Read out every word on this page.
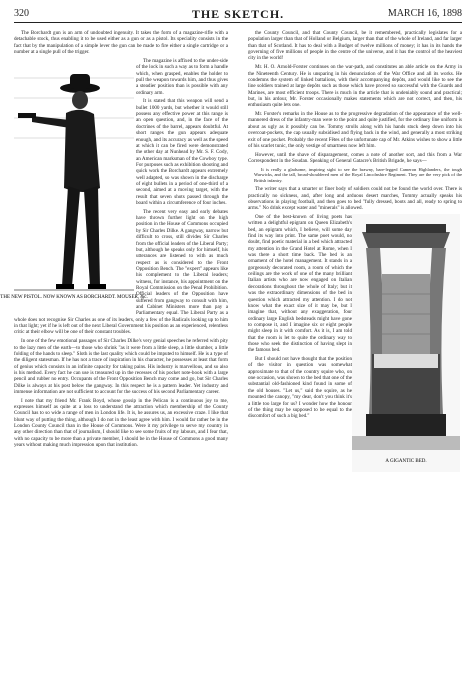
320	THE SKETCH.	MARCH 16, 1898

The Borchardt gun is an arm of undoubted ingenuity. It takes the form of a magazine-rifle with a detachable stock, thus enabling it to be used either as a gun or as a pistol. Its speciality consists in the fact that by the manipulation of a simple lever the gun can be made to fire either a single cartridge or a number at a single pull of the trigger.

THE NEW PISTOL. NOW KNOWN AS BORCHARDT. MOUSER, &c.

The magazine is affixed to the under-side of the lock in such a way as to form a handle which, when grasped, enables the holder to pull the weapon towards him, and thus gives a steadier position than is possible with any ordinary arm.

It is stated that this weapon will send a bullet 1000 yards, but whether it would still possess any effective power at this range is an open question, and, in the face of the doctrines of the barrel, appears doubtful. At short ranges the gun appears adequate enough, and its accuracy as well as the speed at which it can be fired were demonstrated the other day at Nunhead by Mr. S. F. Cody, an American marksman of the Cowboy type. For purposes such as exhibition shooting and quick work the Borchardt appears extremely well adapted, so was shown in the discharge of eight bullets in a period of one-third of a second, aimed at a moving target, with the result that seven shots passed through the board within a circumference of four inches.

The recent very easy and early debates have thrown further light on the high position in the House of Commons occupied by Sir Charles Dilke. A gangway, narrow but difficult to cross, still divides Sir Charles from the official leaders of the Liberal Party; but, although he speaks only for himself, his utterances are listened to with as much respect as is considered to the Front Opposition Bench. The "expert" appears like his complement to the Liberal leaders; witness, for instance, his appointment on the Royal Commission on the Penal Prohibition. Official leaders of the Opposition have suffered from gangway to consult with him, and Cabinet Ministers more than pay a Parliamentary equal. The Liberal Party as a whole does not recognise Sir Charles as one of its leaders, only a few of the Radicals looking up to him in that light; yet if he is left out of the next Liberal Government his position as an experienced, relentless critic at their elbow will be one of their constant troubles.

In one of the few emotional passages of Sir Charles Dilke's very genial speeches he referred with pity to the lazy men of the earth—to those who shrink "as it were from a little sleep, a little slumber, a little folding of the hands to sleep." Sloth is the last quality which could be imputed to himself. He is a type of the diligent statesman. If he has not a trace of inspiration in his character, he possesses at least that form of genius which consists in an infinite capacity for taking pains. His industry is marvellous, and so also is his method. Every fact he can use is treasured up in the recesses of his pocket note-book with a large pencil and rubber no entry. Occupants of the Front Opposition Bench may come and go, but Sir Charles Dilke is always at his post below the gangway. In this respect he is a pattern leader. Yet industry and immense information are not sufficient to account for the success of his second Parliamentary career.

I note that my friend Mr. Frank Boyd, whose gossip in the Pelican is a continuous joy to me, expresses himself as quite at a loss to understand the attraction which membership of the County Council has to so wide a range of men in London life. It is, he assures us, an excessive craze. I like that blunt way of putting the thing, although I do not in the least agree with him. I would far rather be in the London County Council than in the House of Commons. Were it my privilege to serve my country in any other direction than that of journalism, I should like to see some fruits of my labours, and I fear that, with no capacity to be more than a private member, I should be in the House of Commons a good many years without making much impression upon that institution.

the County Council, and that County Council, be it remembered, practically legislates for a population larger than that of Holland or Belgium, larger than that of the whole of Ireland, and far larger than that of Scotland. It has to deal with a Budget of twelve millions of money; it has in its hands the governing of five millions of people in the centre of the universe, and it has the control of the heaviest city in the world!

Mr. H. O. Arnold-Forster continues on the war-path, and constitutes an able article on the Army in the Nineteenth Century. He is unsparing in his denunciation of the War Office and all its works. He condemns the system of linked battalions, with their accompanying depôts, and would like to see the line soldiers trained at large depôts such as those which have proved so successful with the Guards and Marines, are most efficient troops. There is much in the article that is undeniably sound and practical; but, in his ardour, Mr. Forster occasionally makes statements which are not correct, and then, his enthusiasm quite lets one.

Mr. Forster's remarks in the House as to the progressive degradation of the appearance of the well-mannered dress of the infantry-man were to the point and quite justified, for the ordinary line uniform is about as ugly as it possibly can be. Tommy strolls along with his hands stuck deep down into his overcoat-pockets, the cap usually subsidised and flying back in the wind, and generally a most striking exit of one pocket. Probably the recent Fêtes of the unfortunate cap of Mr. Atkins wishes to show a little of his scarlet tunic, the only vestige of smartness now left him.

However, until the shave of disparagement, comes a note of another sort, and this from a War Correspondent in the Soudan. Speaking of General Gatacre's British Brigade, he says—

It is really a gladsome, inspiring sight to see the brawny, bare-legged Cameron Highlanders, the tough Warwicks, and the tall, broad-shouldered men of the Royal Lincolnshire Regiment. They are the very pick of the British infantry.

The writer says that a smarter or finer body of soldiers could not be found the world over. There is practically no sickness, and, after long and arduous desert marches, Tommy actually speaks his observations in playing football, and then goes to bed "fully dressed, boots and all, ready to spring to arms." No drink except water and "minerals" is allowed.

A GIGANTIC BED.

One of the best-known of living poets has written a delightful epigram on Queen Elizabeth's bed, an epigram which, I believe, will some day find its way into print. The same poet would, no doubt, find poetic material in a bed which attracted my attention in the Grand Hotel at Rome, when I was there a short time back. The bed is an ornament of the hotel management. It stands in a gorgeously decorated room, a room of which the ceilings are the work of one of the many brilliant Italian artists who are now engaged on Italian decorations throughout the whole of Italy; but it was the extraordinary dimensions of the bed in question which attracted my attention. I do not know what the exact size of it may be, but I imagine that, without any exaggeration, four ordinary large English bedsteads might have gone to compose it, and I imagine six or eight people might sleep in it with comfort. As it is, I am told that the room is let to quite the ordinary way to those who seek the distinction of having slept in the famous bed.

But I should not have thought that the position of the visitor in question was somewhat approximate to that of the country squire who, on one occasion, was shown to the bed that one of the substantial old-fashioned kind found in some of the old houses. "Let us," said the squire, as he mounted the canopy, "my dear, don't you think it's a little too large for us? I wonder how the honour of the thing may be supposed to be equal to the discomfort of such a big bed."
